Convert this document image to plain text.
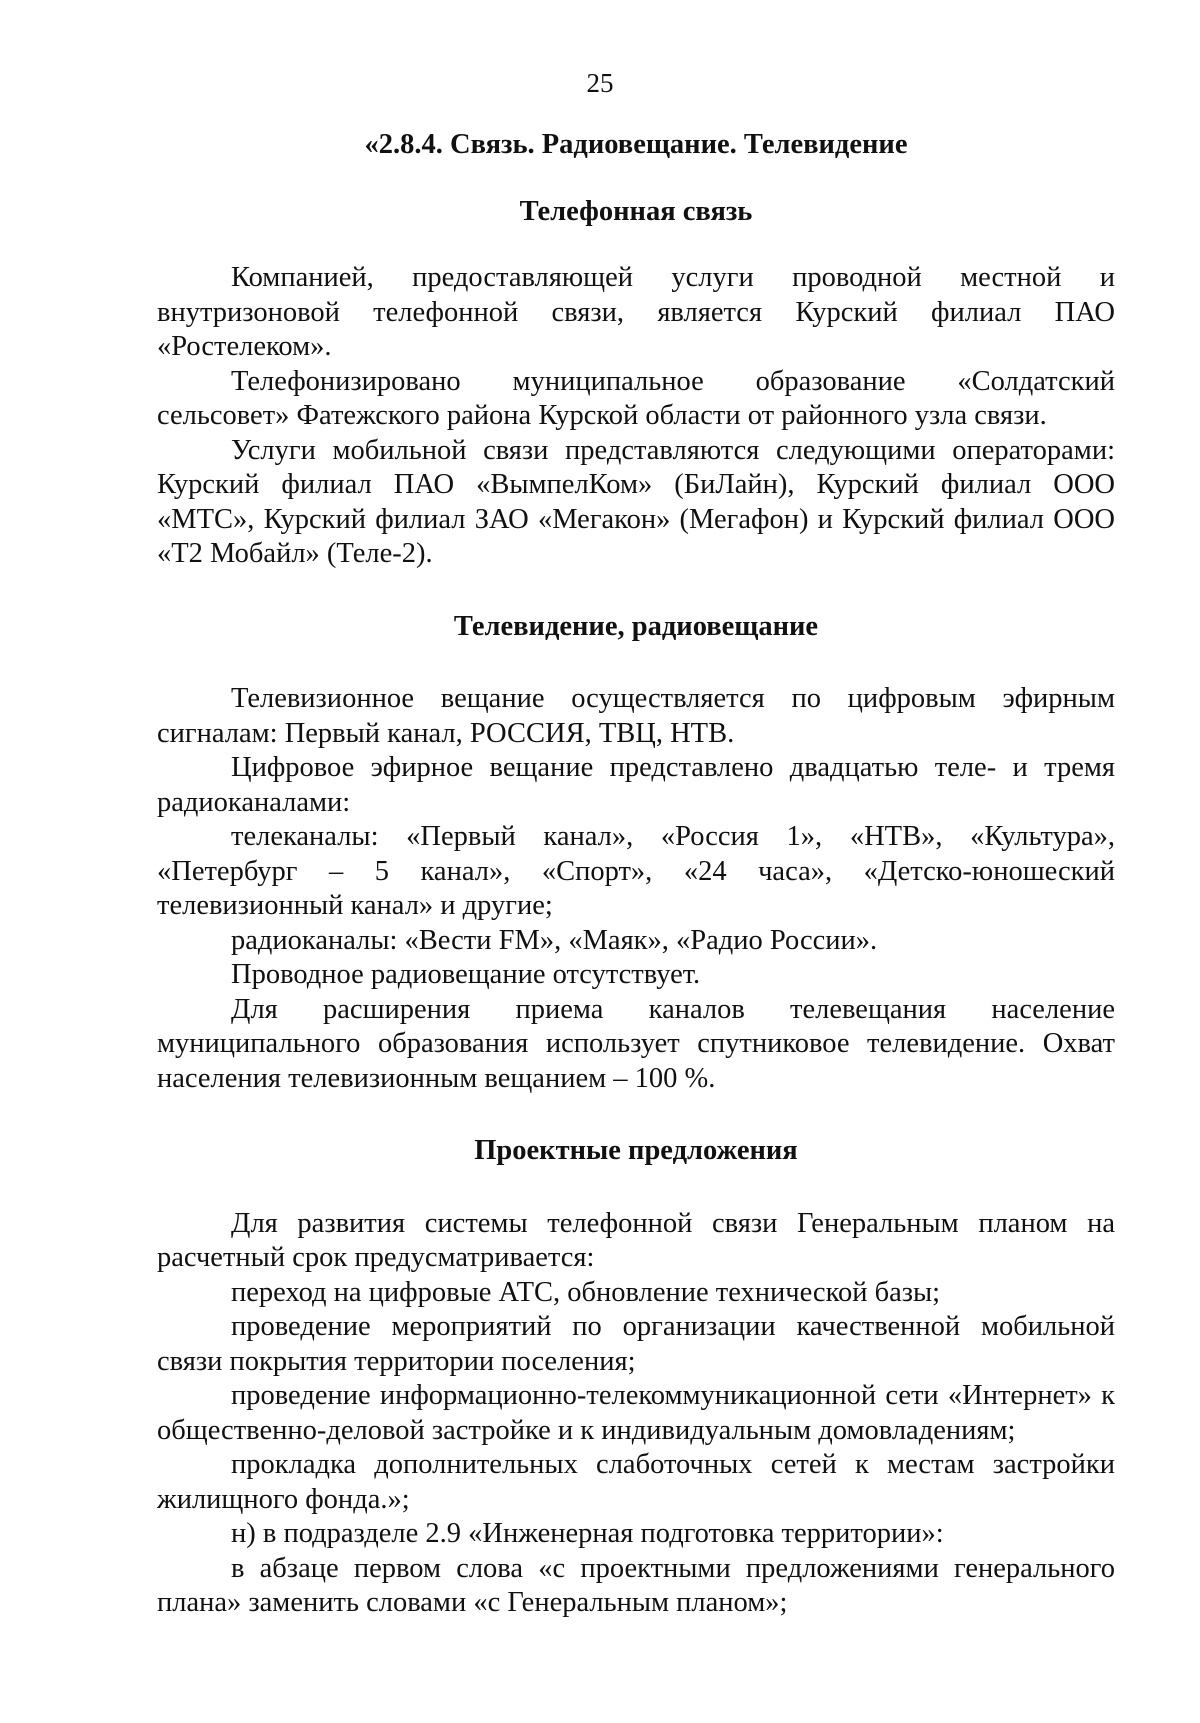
25
«2.8.4. Связь. Радиовещание. Телевидение
Телефонная связь

Компанией, предоставляющей услуги проводной местной и внутризоновой телефонной связи, является Курский филиал ПАО «Ростелеком».

Телефонизировано муниципальное образование «Солдатский сельсовет» Фатежского района Курской области от районного узла связи.

Услуги мобильной связи представляются следующими операторами: Курский филиал ПАО «ВымпелКом» (БиЛайн), Курский филиал ООО «МТС», Курский филиал ЗАО «Мегакон» (Мегафон) и Курский филиал ООО «Т2 Мобайл» (Теле-2).

Телевидение, радиовещание

Телевизионное вещание осуществляется по цифровым эфирным сигналам: Первый канал, РОССИЯ, ТВЦ, НТВ.

Цифровое эфирное вещание представлено двадцатью теле- и тремя радиоканалами:

телеканалы: «Первый канал», «Россия 1», «НТВ», «Культура», «Петербург – 5 канал», «Спорт», «24 часа», «Детско-юношеский телевизионный канал» и другие;

радиоканалы: «Вести FM», «Маяк», «Радио России».

Проводное радиовещание отсутствует.

Для расширения приема каналов телевещания население муниципального образования использует спутниковое телевидение. Охват населения телевизионным вещанием – 100 %.

Проектные предложения

Для развития системы телефонной связи Генеральным планом на расчетный срок предусматривается:

переход на цифровые АТС, обновление технической базы;

проведение мероприятий по организации качественной мобильной связи покрытия территории поселения;

проведение информационно-телекоммуникационной сети «Интернет» к общественно-деловой застройке и к индивидуальным домовладениям;

прокладка дополнительных слаботочных сетей к местам застройки жилищного фонда.»;

н) в подразделе 2.9 «Инженерная подготовка территории»:

в абзаце первом слова «с проектными предложениями генерального плана» заменить словами «с Генеральным планом»;
